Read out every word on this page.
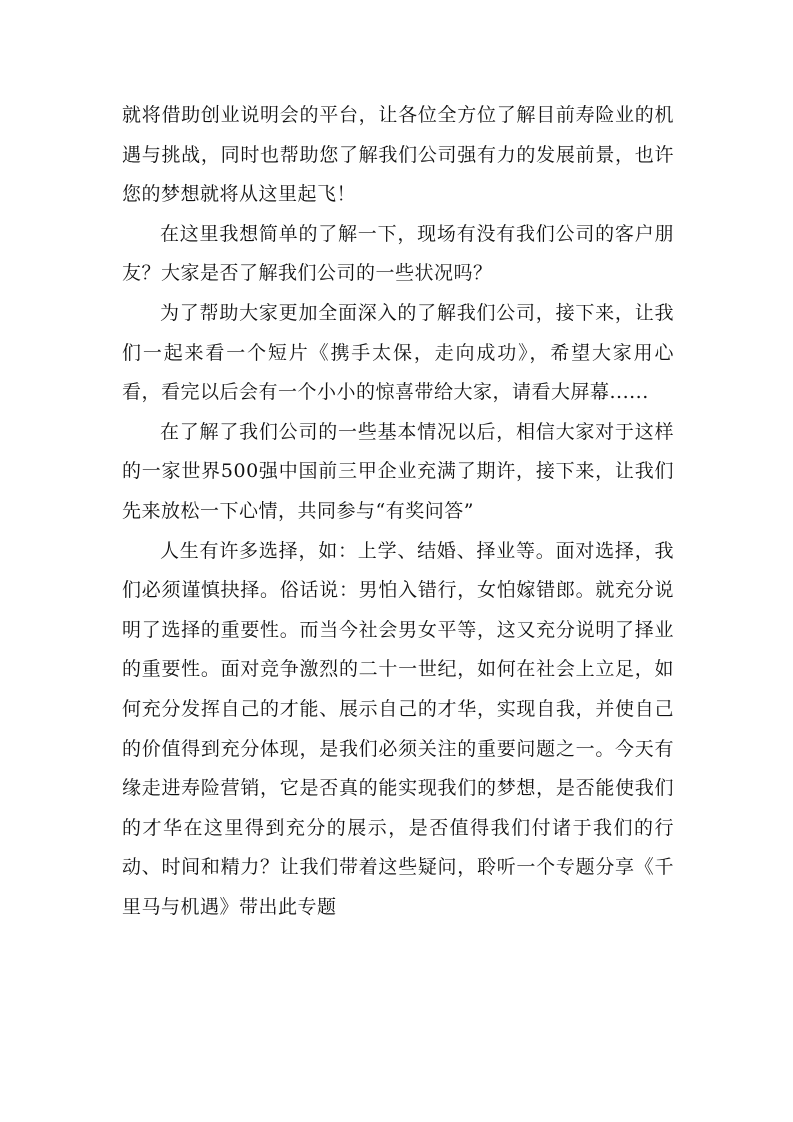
就将借助创业说明会的平台，让各位全方位了解目前寿险业的机遇与挑战，同时也帮助您了解我们公司强有力的发展前景，也许您的梦想就将从这里起飞！

在这里我想简单的了解一下，现场有没有我们公司的客户朋友？大家是否了解我们公司的一些状况吗？

为了帮助大家更加全面深入的了解我们公司，接下来，让我们一起来看一个短片《携手太保，走向成功》，希望大家用心看，看完以后会有一个小小的惊喜带给大家，请看大屏幕......

在了解了我们公司的一些基本情况以后，相信大家对于这样的一家世界500强中国前三甲企业充满了期许，接下来，让我们先来放松一下心情，共同参与“有奖问答”

人生有许多选择，如：上学、结婚、择业等。面对选择，我们必须谨慎抉择。俗话说：男怕入错行，女怕嫁错郎。就充分说明了选择的重要性。而当今社会男女平等，这又充分说明了择业的重要性。面对竞争激烈的二十一世纪，如何在社会上立足，如何充分发挥自己的才能、展示自己的才华，实现自我，并使自己的价值得到充分体现，是我们必须关注的重要问题之一。今天有缘走进寿险营销，它是否真的能实现我们的梦想，是否能使我们的才华在这里得到充分的展示，是否值得我们付诸于我们的行动、时间和精力？让我们带着这些疑问，聆听一个专题分享《千里马与机遇》带出此专题
